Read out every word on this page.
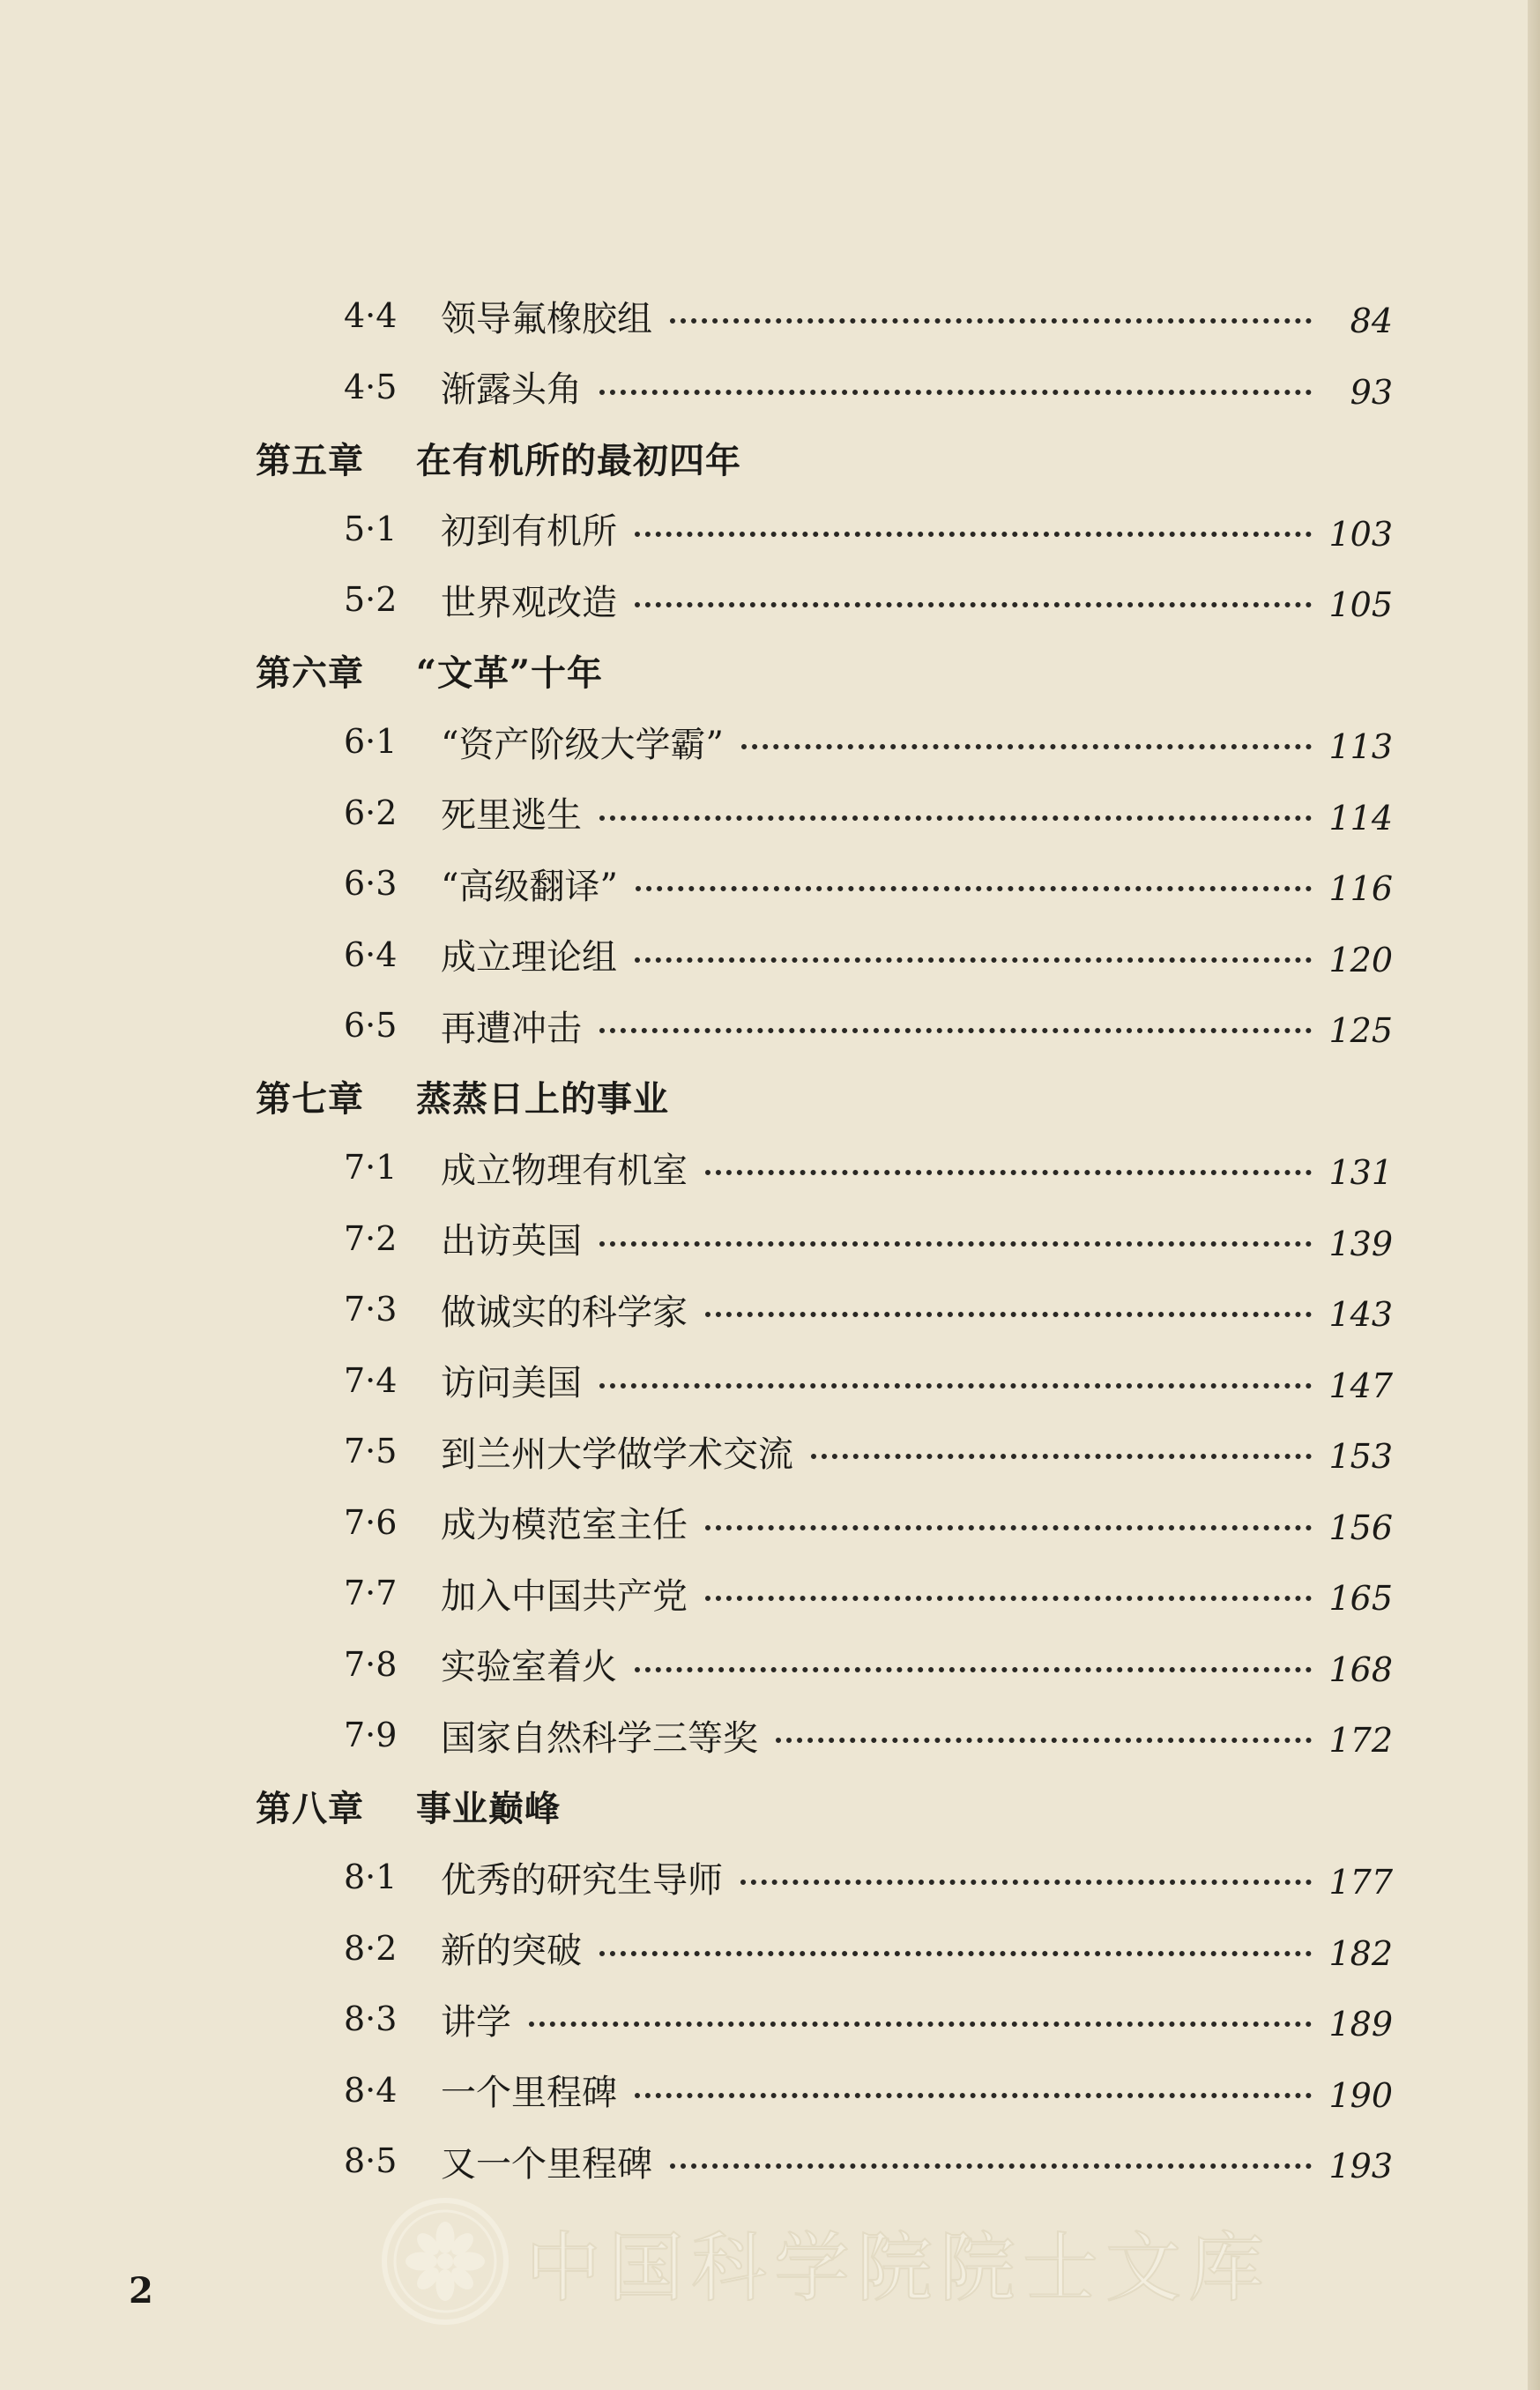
4·4	领导氟橡胶组	84
4·5	渐露头角	93
第五章	在有机所的最初四年
5·1	初到有机所	103
5·2	世界观改造	105
第六章	“文革”十年
6·1	“资产阶级大学霸”	113
6·2	死里逃生	114
6·3	“高级翻译”	116
6·4	成立理论组	120
6·5	再遭冲击	125
第七章	蒸蒸日上的事业
7·1	成立物理有机室	131
7·2	出访英国	139
7·3	做诚实的科学家	143
7·4	访问美国	147
7·5	到兰州大学做学术交流	153
7·6	成为模范室主任	156
7·7	加入中国共产党	165
7·8	实验室着火	168
7·9	国家自然科学三等奖	172
第八章	事业巅峰
8·1	优秀的研究生导师	177
8·2	新的突破	182
8·3	讲学	189
8·4	一个里程碑	190
8·5	又一个里程碑	193
2	中国科学院院士文库
